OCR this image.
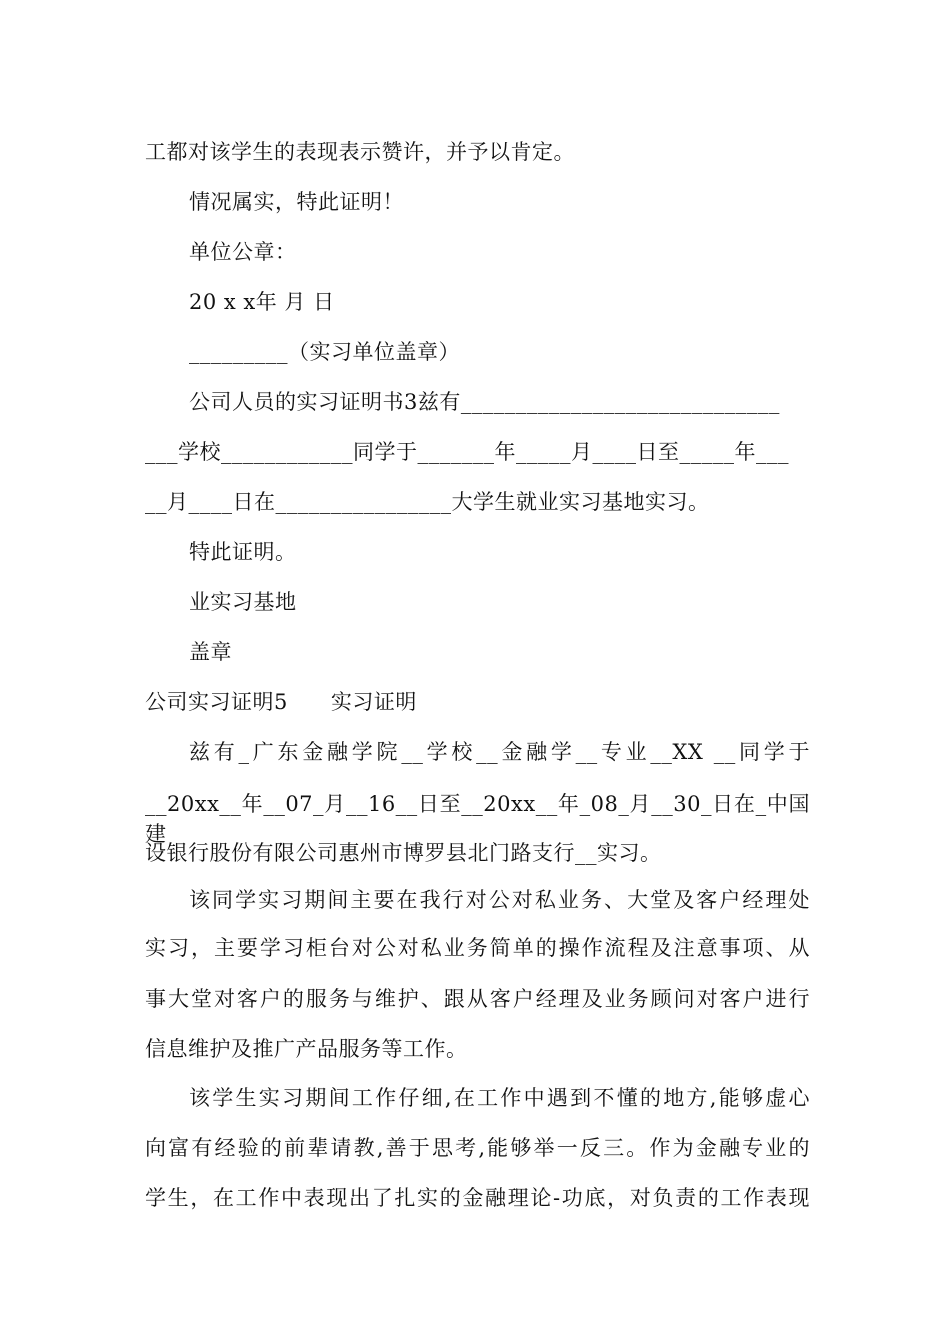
工都对该学生的表现表示赞许，并予以肯定。
情况属实，特此证明！
单位公章：
20 x x年 月 日
_________（实习单位盖章）
公司人员的实习证明书3兹有_____________________________
___学校____________同学于_______年_____月____日至_____年___
__月____日在________________大学生就业实习基地实习。
特此证明。
业实习基地
盖章
公司实习证明5　　实习证明
兹有_广东金融学院__学校__金融学__专业__XX __同学于
__20xx__年__07_月__16__日至__20xx__年_08_月__30_日在_中国建
设银行股份有限公司惠州市博罗县北门路支行__实习。
该同学实习期间主要在我行对公对私业务、大堂及客户经理处
实习，主要学习柜台对公对私业务简单的操作流程及注意事项、从
事大堂对客户的服务与维护、跟从客户经理及业务顾问对客户进行
信息维护及推广产品服务等工作。
该学生实习期间工作仔细,在工作中遇到不懂的地方,能够虚心
向富有经验的前辈请教,善于思考,能够举一反三。作为金融专业的
学生，在工作中表现出了扎实的金融理论-功底，对负责的工作表现
